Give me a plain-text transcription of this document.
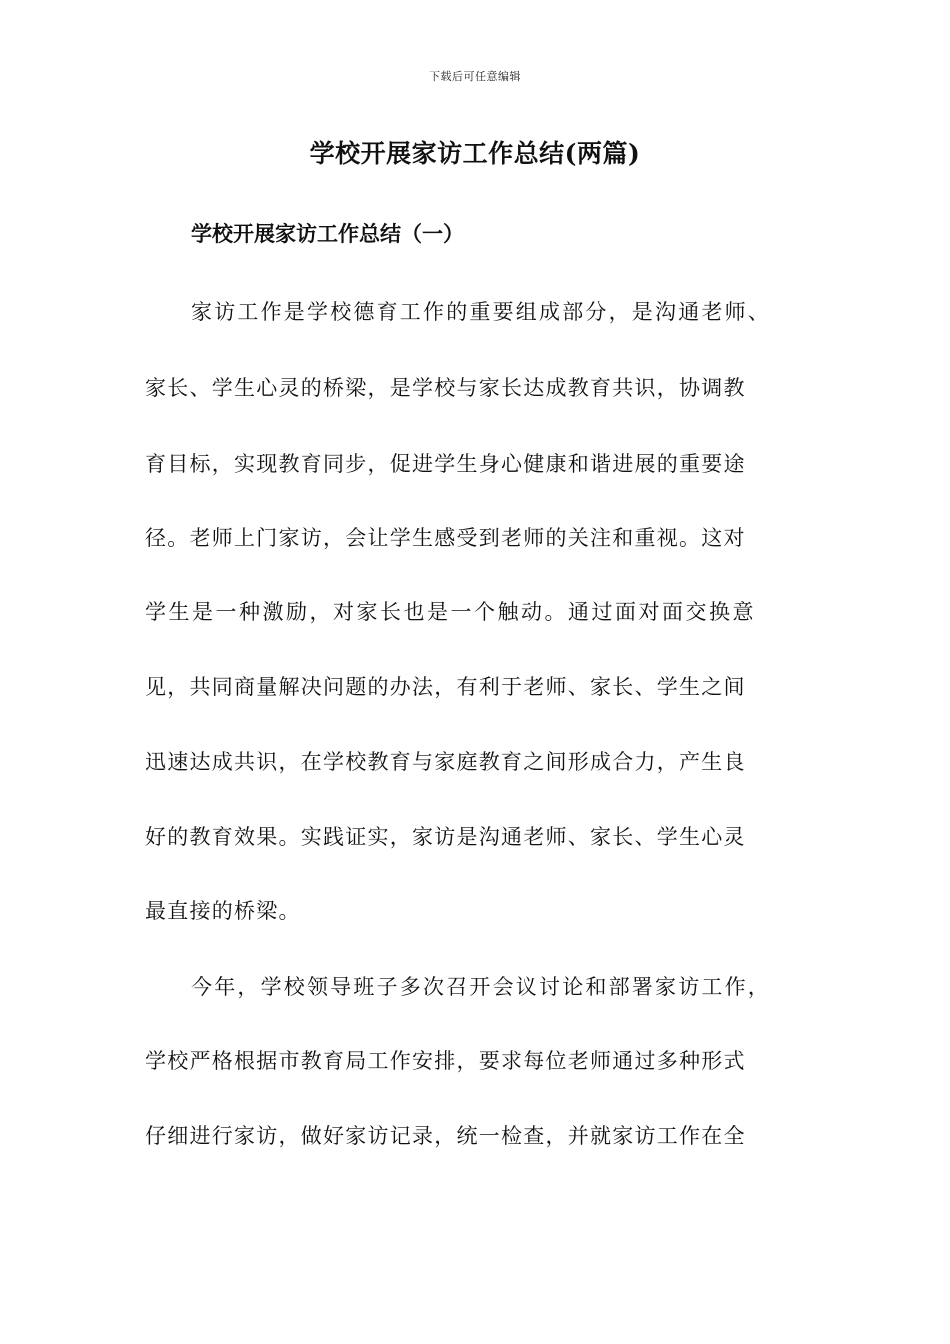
下载后可任意编辑
学校开展家访工作总结(两篇)
学校开展家访工作总结（一）
家访工作是学校德育工作的重要组成部分，是沟通老师、
家长、学生心灵的桥梁，是学校与家长达成教育共识，协调教
育目标，实现教育同步，促进学生身心健康和谐进展的重要途
径。老师上门家访，会让学生感受到老师的关注和重视。这对
学生是一种激励，对家长也是一个触动。通过面对面交换意
见，共同商量解决问题的办法，有利于老师、家长、学生之间
迅速达成共识，在学校教育与家庭教育之间形成合力，产生良
好的教育效果。实践证实，家访是沟通老师、家长、学生心灵
最直接的桥梁。
今年，学校领导班子多次召开会议讨论和部署家访工作，
学校严格根据市教育局工作安排，要求每位老师通过多种形式
仔细进行家访，做好家访记录，统一检查，并就家访工作在全
